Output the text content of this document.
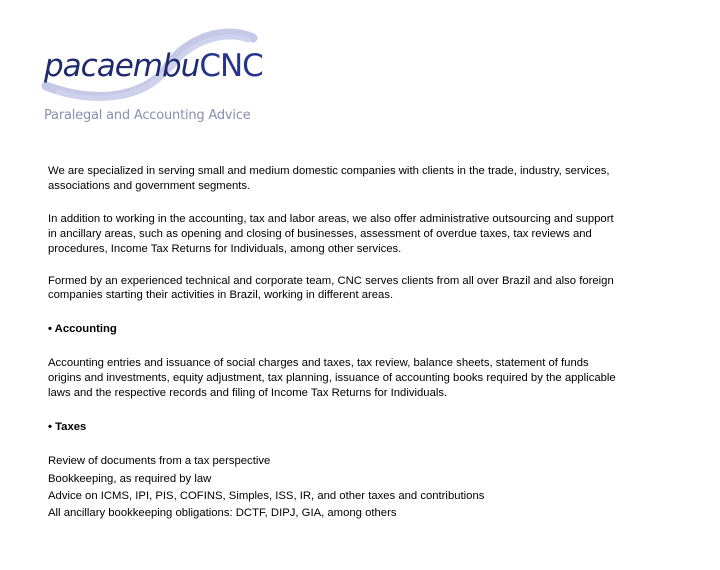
pacaembuCNC
Paralegal and Accounting Advice
We are specialized in serving small and medium domestic companies with clients in the trade, industry, services,
associations and government segments.
In addition to working in the accounting, tax and labor areas, we also offer administrative outsourcing and support
in ancillary areas, such as opening and closing of businesses, assessment of overdue taxes, tax reviews and
procedures, Income Tax Returns for Individuals, among other services.
Formed by an experienced technical and corporate team, CNC serves clients from all over Brazil and also foreign
companies starting their activities in Brazil, working in different areas.
• Accounting
Accounting entries and issuance of social charges and taxes, tax review, balance sheets, statement of funds
origins and investments, equity adjustment, tax planning, issuance of accounting books required by the applicable
laws and the respective records and filing of Income Tax Returns for Individuals.
• Taxes
Review of documents from a tax perspective
Bookkeeping, as required by law
Advice on ICMS, IPI, PIS, COFINS, Simples, ISS, IR, and other taxes and contributions
All ancillary bookkeeping obligations: DCTF, DIPJ, GIA, among others
